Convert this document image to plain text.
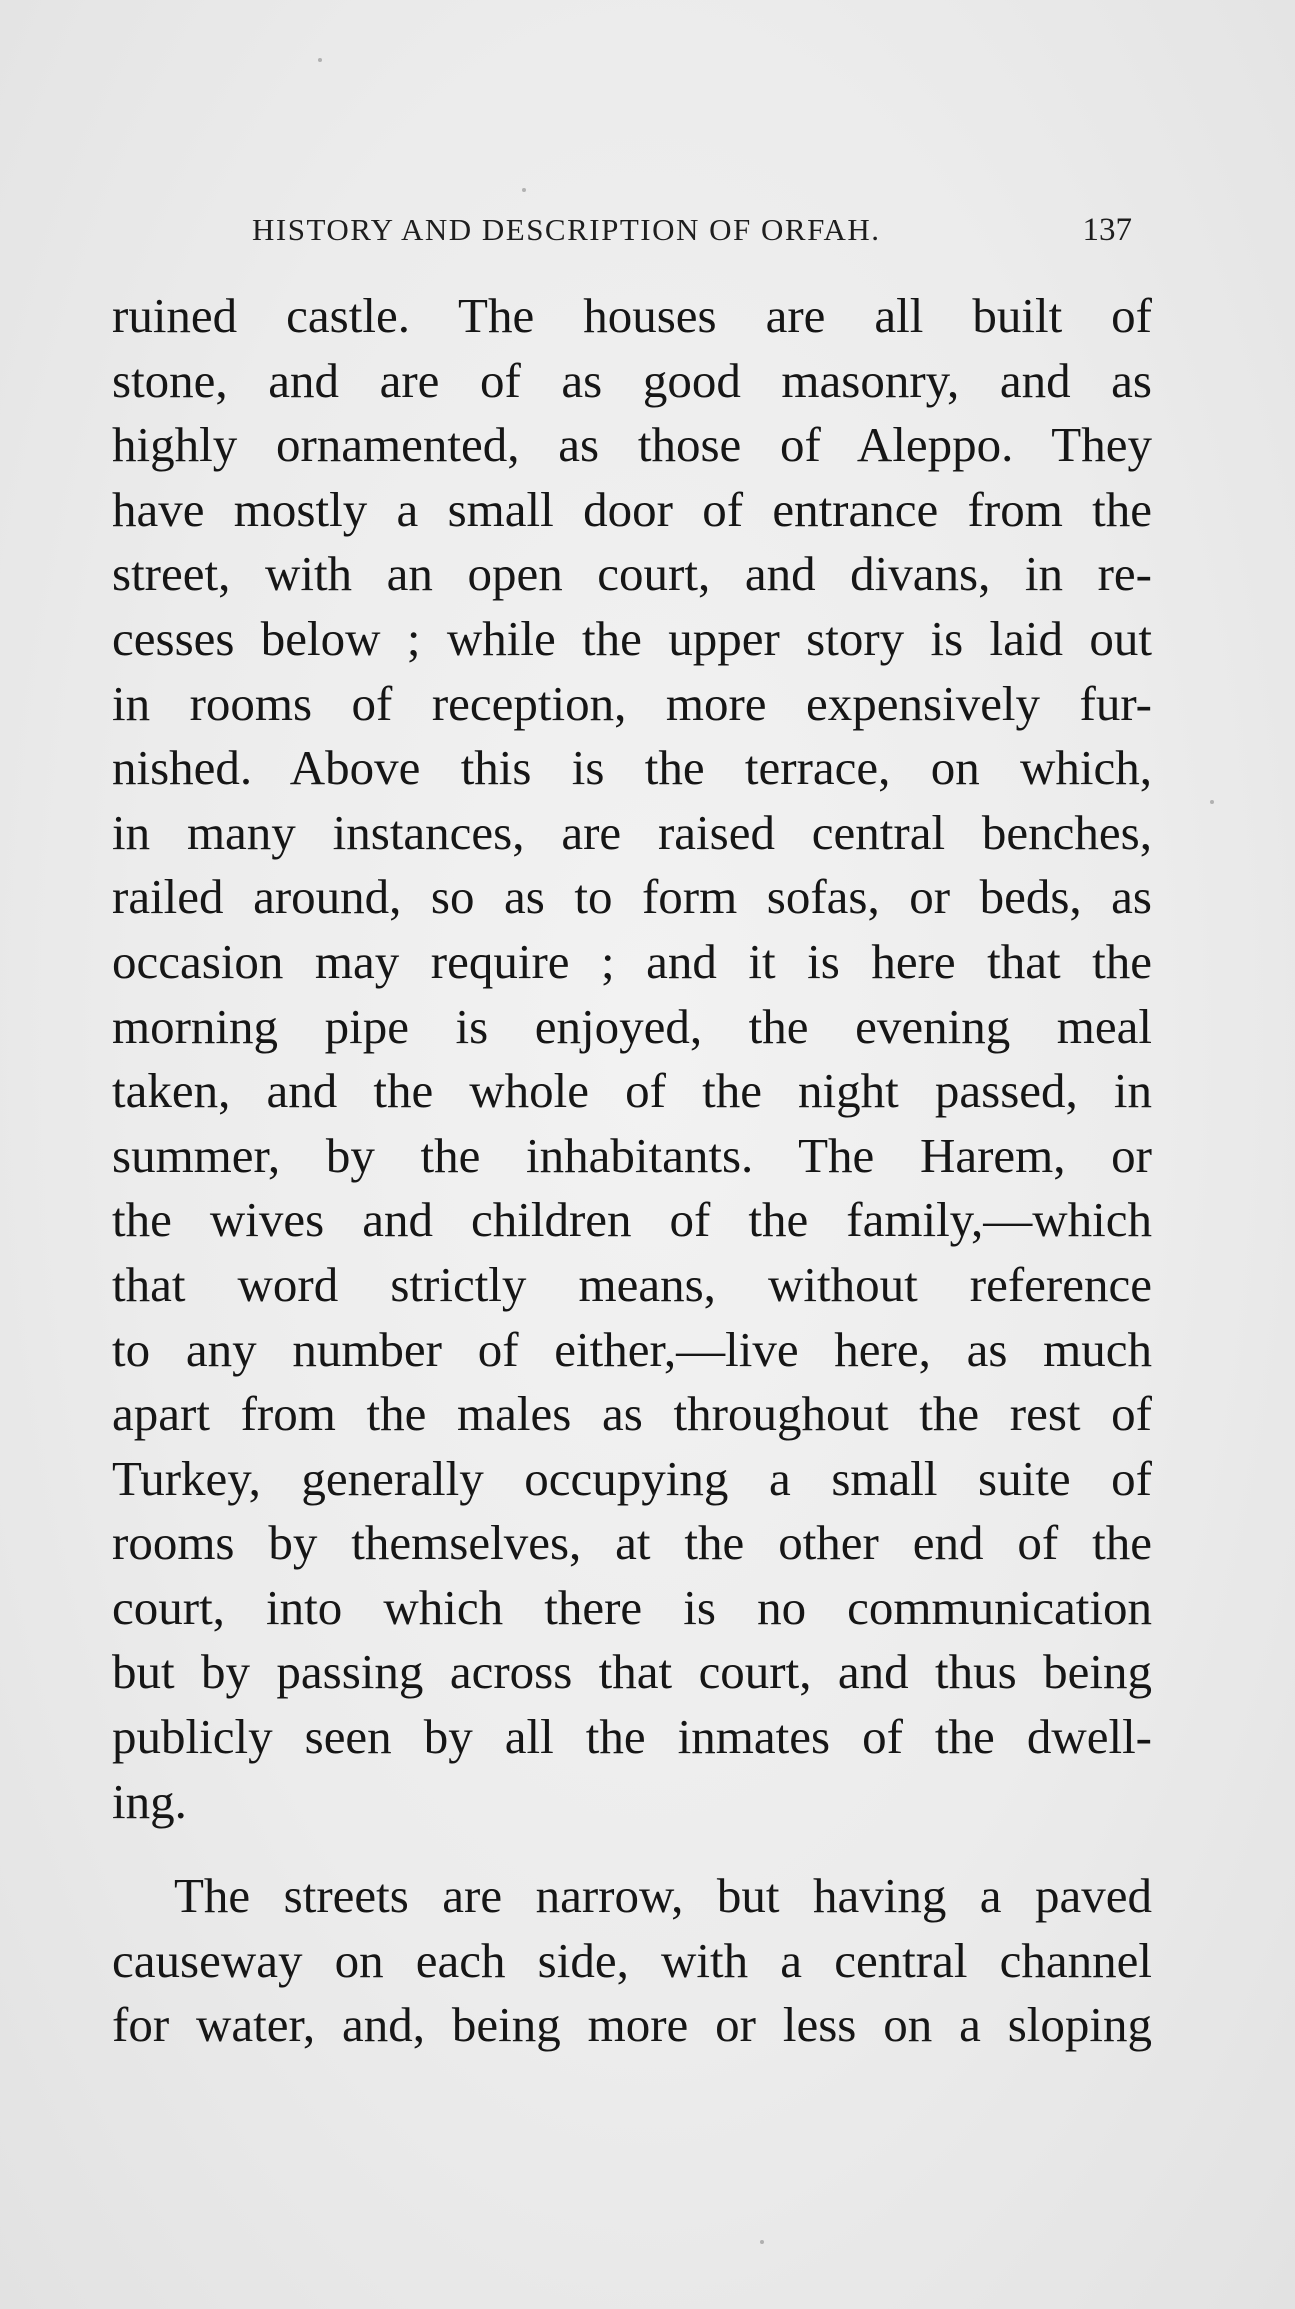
HISTORY AND DESCRIPTION OF ORFAH.	137
ruined castle. The houses are all built of
stone, and are of as good masonry, and as
highly ornamented, as those of Aleppo. They
have mostly a small door of entrance from the
street, with an open court, and divans, in re-
cesses below ; while the upper story is laid out
in rooms of reception, more expensively fur-
nished. Above this is the terrace, on which,
in many instances, are raised central benches,
railed around, so as to form sofas, or beds, as
occasion may require ; and it is here that the
morning pipe is enjoyed, the evening meal
taken, and the whole of the night passed, in
summer, by the inhabitants. The Harem, or
the wives and children of the family,—which
that word strictly means, without reference
to any number of either,—live here, as much
apart from the males as throughout the rest of
Turkey, generally occupying a small suite of
rooms by themselves, at the other end of the
court, into which there is no communication
but by passing across that court, and thus being
publicly seen by all the inmates of the dwell-
ing.
The streets are narrow, but having a paved
causeway on each side, with a central channel
for water, and, being more or less on a sloping
